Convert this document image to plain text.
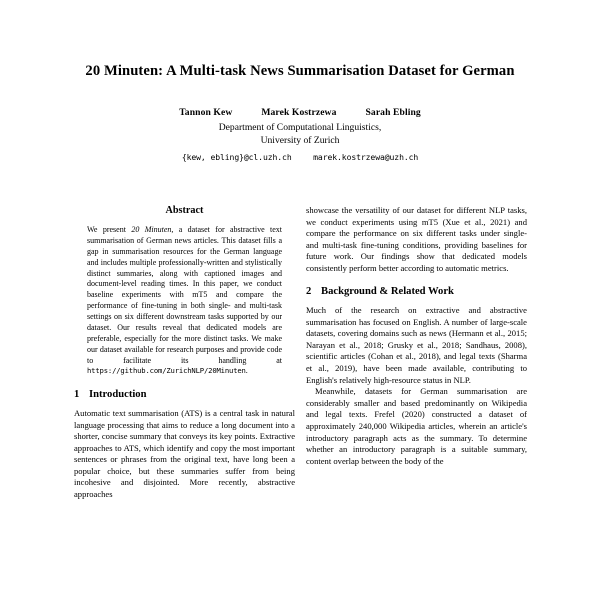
20 Minuten: A Multi-task News Summarisation Dataset for German
Tannon Kew	Marek Kostrzewa	Sarah Ebling
Department of Computational Linguistics,
University of Zurich
{kew, ebling}@cl.uzh.ch	marek.kostrzewa@uzh.ch
Abstract

We present 20 Minuten, a dataset for abstractive text summarisation of German news articles. This dataset fills a gap in summarisation resources for the German language and includes multiple professionally-written and stylistically distinct summaries, along with captioned images and document-level reading times. In this paper, we conduct baseline experiments with mT5 and compare the performance of fine-tuning in both single- and multi-task settings on six different downstream tasks supported by our dataset. Our results reveal that dedicated models are preferable, especially for the more distinct tasks. We make our dataset available for research purposes and provide code to facilitate its handling at https://github.com/ZurichNLP/20Minuten.

1 Introduction

Automatic text summarisation (ATS) is a central task in natural language processing that aims to reduce a long document into a shorter, concise summary that conveys its key points. Extractive approaches to ATS, which identify and copy the most important sentences or phrases from the original text, have long been a popular choice, but these summaries suffer from being incohesive and disjointed. More recently, abstractive approaches

showcase the versatility of our dataset for different NLP tasks, we conduct experiments using mT5 (Xue et al., 2021) and compare the performance on six different tasks under single- and multi-task fine-tuning conditions, providing baselines for future work. Our findings show that dedicated models consistently perform better according to automatic metrics.

2 Background & Related Work

Much of the research on extractive and abstractive summarisation has focused on English. A number of large-scale datasets, covering domains such as news (Hermann et al., 2015; Narayan et al., 2018; Grusky et al., 2018; Sandhaus, 2008), scientific articles (Cohan et al., 2018), and legal texts (Sharma et al., 2019), have been made available, contributing to English's relatively high-resource status in NLP.

Meanwhile, datasets for German summarisation are considerably smaller and based predominantly on Wikipedia and legal texts. Frefel (2020) constructed a dataset of approximately 240,000 Wikipedia articles, wherein an article's introductory paragraph acts as the summary. To determine whether an introductory paragraph is a suitable summary, content overlap between the body of the
